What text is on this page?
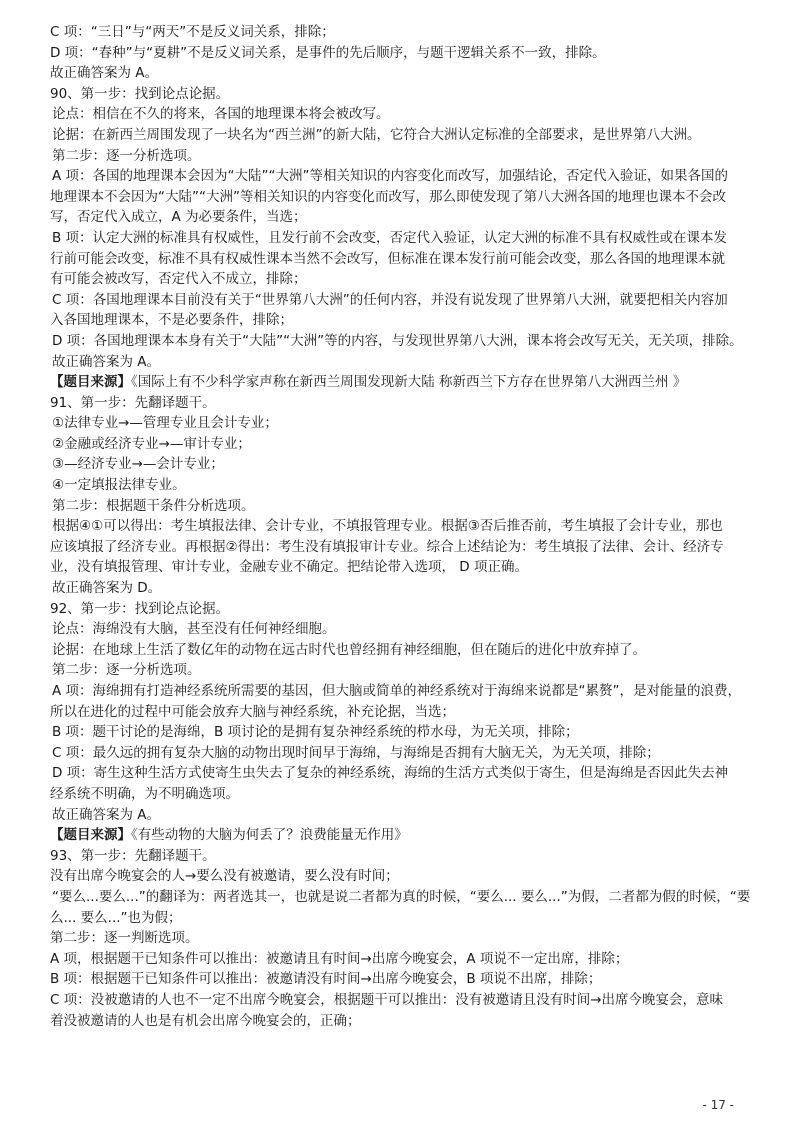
C 项：“三日”与“两天”不是反义词关系，排除；
D 项：“春种”与“夏耕”不是反义词关系，是事件的先后顺序，与题干逻辑关系不一致，排除。
故正确答案为 A。
90、第一步：找到论点论据。
论点：相信在不久的将来，各国的地理课本将会被改写。
论据：在新西兰周围发现了一块名为“西兰洲”的新大陆，它符合大洲认定标准的全部要求，是世界第八大洲。
第二步：逐一分析选项。
A 项：各国的地理课本会因为“大陆”“大洲”等相关知识的内容变化而改写，加强结论，否定代入验证，如果各国的
地理课本不会因为“大陆”“大洲”等相关知识的内容变化而改写，那么即使发现了第八大洲各国的地理也课本不会改
写，否定代入成立，A 为必要条件，当选；
B 项：认定大洲的标准具有权威性，且发行前不会改变，否定代入验证，认定大洲的标准不具有权威性或在课本发
行前可能会改变，标准不具有权威性课本当然不会改写，但标准在课本发行前可能会改变，那么各国的地理课本就
有可能会被改写，否定代入不成立，排除；
C 项：各国地理课本目前没有关于“世界第八大洲”的任何内容，并没有说发现了世界第八大洲，就要把相关内容加
入各国地理课本，不是必要条件，排除；
D 项：各国地理课本本身有关于“大陆”“大洲”等的内容，与发现世界第八大洲，课本将会改写无关，无关项，排除。
故正确答案为 A。
【题目来源】《国际上有不少科学家声称在新西兰周围发现新大陆 称新西兰下方存在世界第八大洲西兰州 》
91、第一步：先翻译题干。
①法律专业→—管理专业且会计专业；
②金融或经济专业→—审计专业；
③—经济专业→—会计专业；
④一定填报法律专业。
第二步：根据题干条件分析选项。
根据④①可以得出：考生填报法律、会计专业，不填报管理专业。根据③否后推否前，考生填报了会计专业，那也
应该填报了经济专业。再根据②得出：考生没有填报审计专业。综合上述结论为：考生填报了法律、会计、经济专
业，没有填报管理、审计专业，金融专业不确定。把结论带入选项， D 项正确。
故正确答案为 D。
92、第一步：找到论点论据。
论点：海绵没有大脑，甚至没有任何神经细胞。
论据：在地球上生活了数亿年的动物在远古时代也曾经拥有神经细胞，但在随后的进化中放弃掉了。
第二步：逐一分析选项。
A 项：海绵拥有打造神经系统所需要的基因，但大脑或简单的神经系统对于海绵来说都是“累赘”，是对能量的浪费，
所以在进化的过程中可能会放弃大脑与神经系统，补充论据，当选；
B 项：题干讨论的是海绵，B 项讨论的是拥有复杂神经系统的栉水母，为无关项，排除；
C 项：最久远的拥有复杂大脑的动物出现时间早于海绵，与海绵是否拥有大脑无关，为无关项，排除；
D 项：寄生这种生活方式使寄生虫失去了复杂的神经系统，海绵的生活方式类似于寄生，但是海绵是否因此失去神
经系统不明确，为不明确选项。
故正确答案为 A。
【题目来源】《有些动物的大脑为何丢了？浪费能量无作用》
93、第一步：先翻译题干。
没有出席今晚宴会的人→要么没有被邀请，要么没有时间；
“要么...要么...”的翻译为：两者选其一，也就是说二者都为真的时候，“要么... 要么...”为假，二者都为假的时候，“要
么... 要么...”也为假；
第二步：逐一判断选项。
A 项，根据题干已知条件可以推出：被邀请且有时间→出席今晚宴会，A 项说不一定出席，排除；
B 项：根据题干已知条件可以推出：被邀请没有时间→出席今晚宴会，B 项说不出席，排除；
C 项：没被邀请的人也不一定不出席今晚宴会，根据题干可以推出：没有被邀请且没有时间→出席今晚宴会，意味
着没被邀请的人也是有机会出席今晚宴会的，正确；
- 17 -
